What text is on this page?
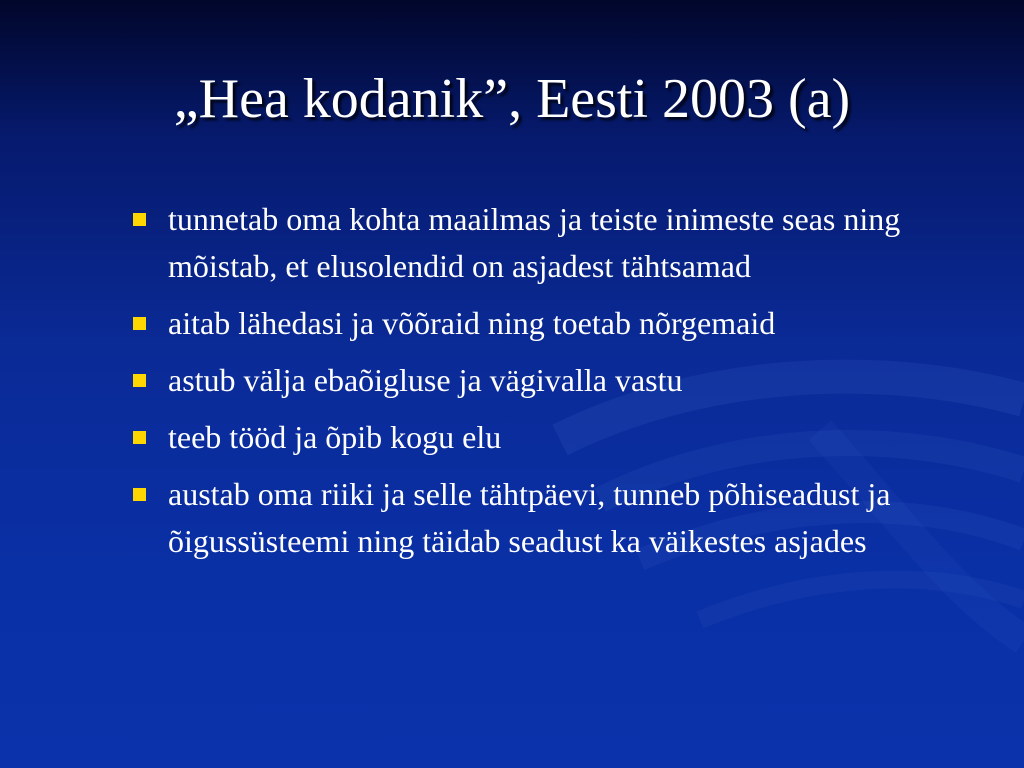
„Hea kodanik”, Eesti 2003 (a)
tunnetab oma kohta maailmas ja teiste inimeste seas ning mõistab, et elusolendid on asjadest tähtsamad
aitab lähedasi ja võõraid ning toetab nõrgemaid
astub välja ebaõigluse ja vägivalla vastu
teeb tööd ja õpib kogu elu
austab oma riiki ja selle tähtpäevi, tunneb põhiseadust ja õigussüsteemi ning täidab seadust ka väikestes asjades
